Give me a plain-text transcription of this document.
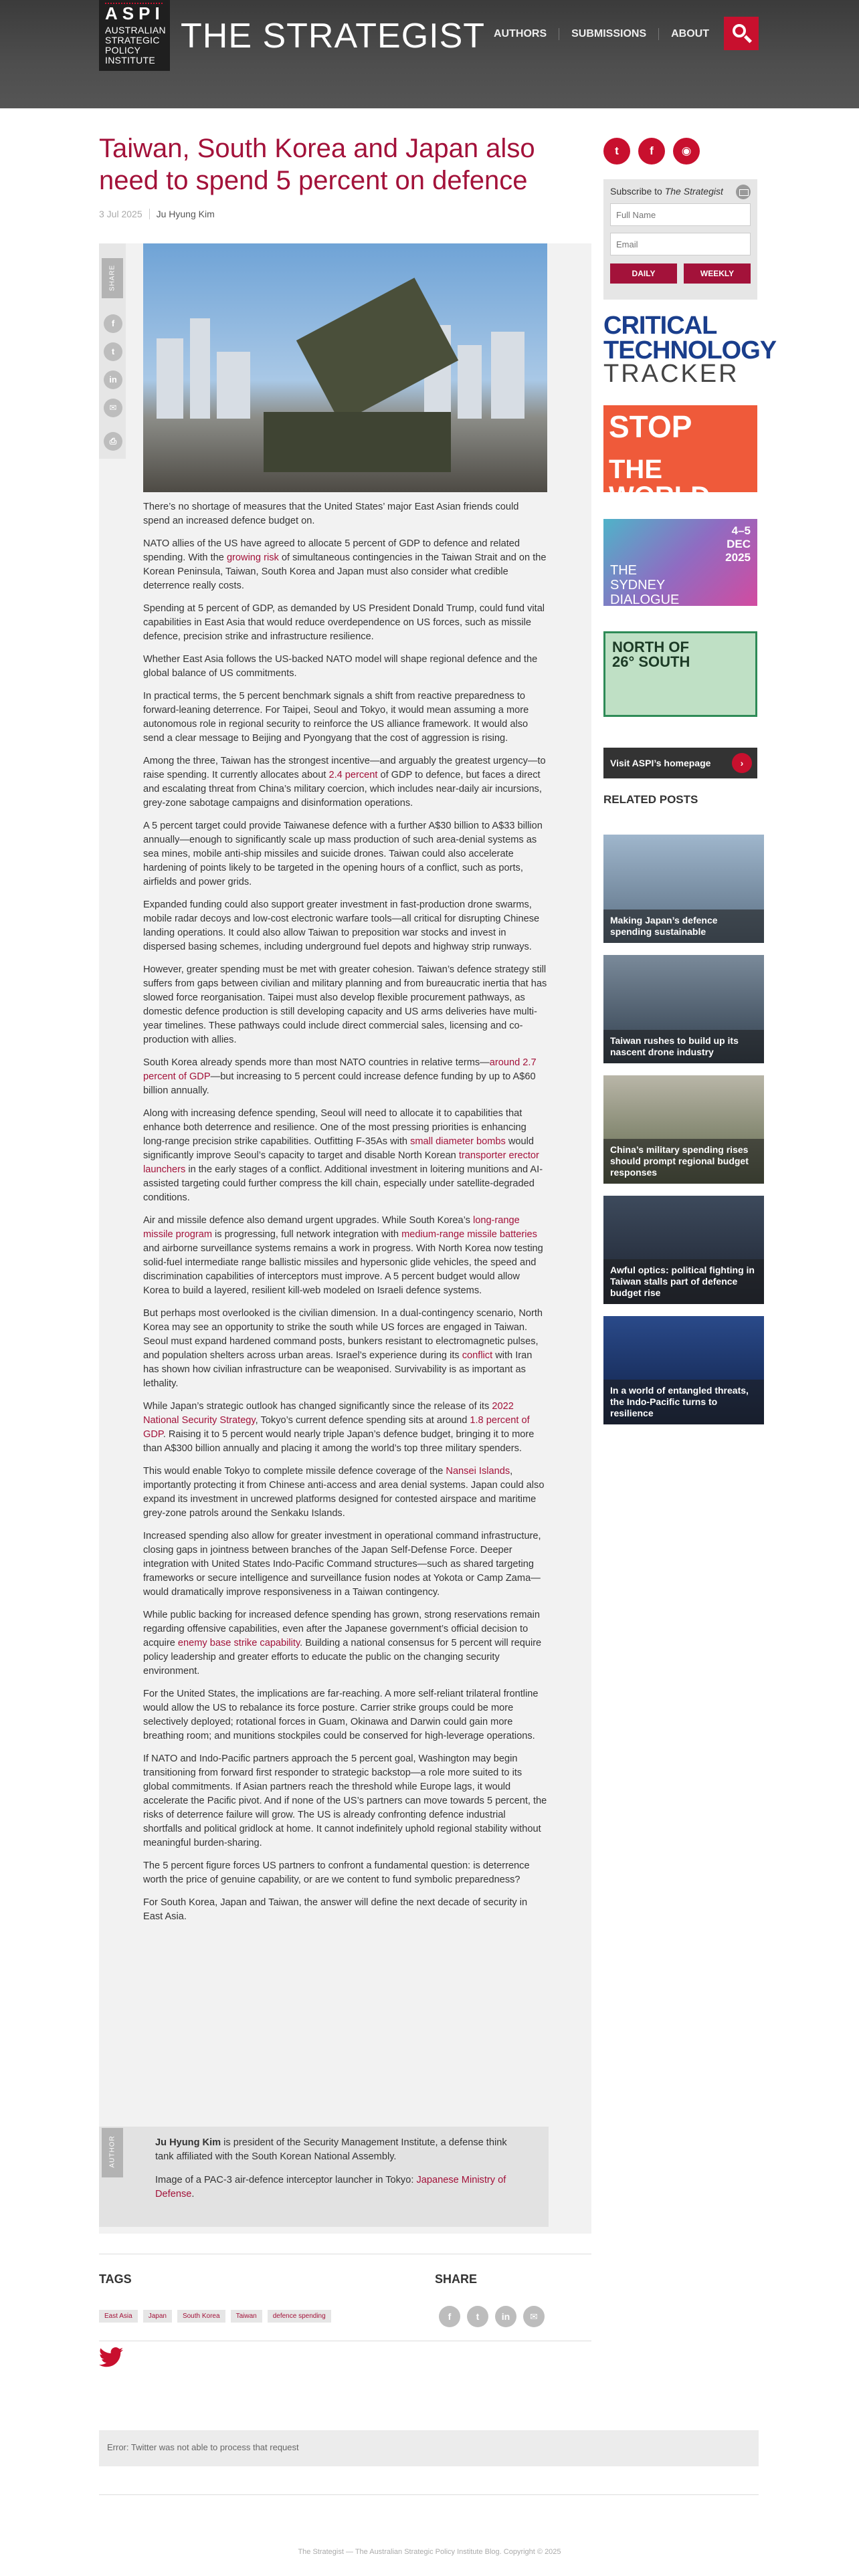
ASPI
AUSTRALIAN
STRATEGIC
POLICY
INSTITUTE
THE STRATEGIST AUTHORS	SUBMISSIONS	ABOUT
Taiwan, South Korea and Japan also need to spend 5 percent on defence
3 Jul 2025	Ju Hyung Kim
SHARE
f
t
in
✉
⎙

There’s no shortage of measures that the United States’ major East Asian friends could spend an increased defence budget on.

NATO allies of the US have agreed to allocate 5 percent of GDP to defence and related spending. With the growing risk of simultaneous contingencies in the Taiwan Strait and on the Korean Peninsula, Taiwan, South Korea and Japan must also consider what credible deterrence really costs.

Spending at 5 percent of GDP, as demanded by US President Donald Trump, could fund vital capabilities in East Asia that would reduce overdependence on US forces, such as missile defence, precision strike and infrastructure resilience.

Whether East Asia follows the US-backed NATO model will shape regional defence and the global balance of US commitments.

In practical terms, the 5 percent benchmark signals a shift from reactive preparedness to forward-leaning deterrence. For Taipei, Seoul and Tokyo, it would mean assuming a more autonomous role in regional security to reinforce the US alliance framework. It would also send a clear message to Beijing and Pyongyang that the cost of aggression is rising.

Among the three, Taiwan has the strongest incentive—and arguably the greatest urgency—to raise spending. It currently allocates about 2.4 percent of GDP to defence, but faces a direct and escalating threat from China’s military coercion, which includes near-daily air incursions, grey-zone sabotage campaigns and disinformation operations.

A 5 percent target could provide Taiwanese defence with a further A$30 billion to A$33 billion annually—enough to significantly scale up mass production of such area-denial systems as sea mines, mobile anti-ship missiles and suicide drones. Taiwan could also accelerate hardening of points likely to be targeted in the opening hours of a conflict, such as ports, airfields and power grids.

Expanded funding could also support greater investment in fast-production drone swarms, mobile radar decoys and low-cost electronic warfare tools—all critical for disrupting Chinese landing operations. It could also allow Taiwan to preposition war stocks and invest in dispersed basing schemes, including underground fuel depots and highway strip runways.

However, greater spending must be met with greater cohesion. Taiwan’s defence strategy still suffers from gaps between civilian and military planning and from bureaucratic inertia that has slowed force reorganisation. Taipei must also develop flexible procurement pathways, as domestic defence production is still developing capacity and US arms deliveries have multi-year timelines. These pathways could include direct commercial sales, licensing and co-production with allies.

South Korea already spends more than most NATO countries in relative terms—around 2.7 percent of GDP—but increasing to 5 percent could increase defence funding by up to A$60 billion annually.

Along with increasing defence spending, Seoul will need to allocate it to capabilities that enhance both deterrence and resilience. One of the most pressing priorities is enhancing long-range precision strike capabilities. Outfitting F-35As with small diameter bombs would significantly improve Seoul’s capacity to target and disable North Korean transporter erector launchers in the early stages of a conflict. Additional investment in loitering munitions and AI-assisted targeting could further compress the kill chain, especially under satellite-degraded conditions.

Air and missile defence also demand urgent upgrades. While South Korea’s long-range missile program is progressing, full network integration with medium-range missile batteries and airborne surveillance systems remains a work in progress. With North Korea now testing solid-fuel intermediate range ballistic missiles and hypersonic glide vehicles, the speed and discrimination capabilities of interceptors must improve. A 5 percent budget would allow Korea to build a layered, resilient kill-web modeled on Israeli defence systems.

But perhaps most overlooked is the civilian dimension. In a dual-contingency scenario, North Korea may see an opportunity to strike the south while US forces are engaged in Taiwan. Seoul must expand hardened command posts, bunkers resistant to electromagnetic pulses, and population shelters across urban areas. Israel’s experience during its conflict with Iran has shown how civilian infrastructure can be weaponised. Survivability is as important as lethality.

While Japan’s strategic outlook has changed significantly since the release of its 2022 National Security Strategy, Tokyo’s current defence spending sits at around 1.8 percent of GDP. Raising it to 5 percent would nearly triple Japan’s defence budget, bringing it to more than A$300 billion annually and placing it among the world’s top three military spenders.

This would enable Tokyo to complete missile defence coverage of the Nansei Islands, importantly protecting it from Chinese anti-access and area denial systems. Japan could also expand its investment in uncrewed platforms designed for contested airspace and maritime grey-zone patrols around the Senkaku Islands.

Increased spending also allow for greater investment in operational command infrastructure, closing gaps in jointness between branches of the Japan Self-Defense Force. Deeper integration with United States Indo-Pacific Command structures—such as shared targeting frameworks or secure intelligence and surveillance fusion nodes at Yokota or Camp Zama—would dramatically improve responsiveness in a Taiwan contingency.

While public backing for increased defence spending has grown, strong reservations remain regarding offensive capabilities, even after the Japanese government’s official decision to acquire enemy base strike capability. Building a national consensus for 5 percent will require policy leadership and greater efforts to educate the public on the changing security environment.

For the United States, the implications are far-reaching. A more self-reliant trilateral frontline would allow the US to rebalance its force posture. Carrier strike groups could be more selectively deployed; rotational forces in Guam, Okinawa and Darwin could gain more breathing room; and munitions stockpiles could be conserved for high-leverage operations.

If NATO and Indo-Pacific partners approach the 5 percent goal, Washington may begin transitioning from forward first responder to strategic backstop—a role more suited to its global commitments. If Asian partners reach the threshold while Europe lags, it would accelerate the Pacific pivot. And if none of the US’s partners can move towards 5 percent, the risks of deterrence failure will grow. The US is already confronting defence industrial shortfalls and political gridlock at home. It cannot indefinitely uphold regional stability without meaningful burden-sharing.

The 5 percent figure forces US partners to confront a fundamental question: is deterrence worth the price of genuine capability, or are we content to fund symbolic preparedness?

For South Korea, Japan and Taiwan, the answer will define the next decade of security in East Asia.

AUTHOR	Ju Hyung Kim is president of the Security Management Institute, a defense think tank affiliated with the South Korean National Assembly.

Image of a PAC-3 air-defence interceptor launcher in Tokyo: Japanese Ministry of Defense.

t	f	◉
Subscribe to The Strategist
Full Name
Email
DAILY	WEEKLY
CRITICAL
TECHNOLOGY
TRACKER
STOP
THE WORLD
4–5
DEC
2025
THE
SYDNEY
DIALOGUE
NORTH OF
26° SOUTH
Visit ASPI’s homepage	›
RELATED POSTS
Making Japan’s defence spending sustainable
Taiwan rushes to build up its nascent drone industry
China’s military spending rises should prompt regional budget responses
Awful optics: political fighting in Taiwan stalls part of defence budget rise
In a world of entangled threats, the Indo-Pacific turns to resilience
TAGS
East Asia	Japan	South Korea	Taiwan	defence spending
SHARE
f	t	in	✉
Error: Twitter was not able to process that request
The Strategist — The Australian Strategic Policy Institute Blog. Copyright © 2025
